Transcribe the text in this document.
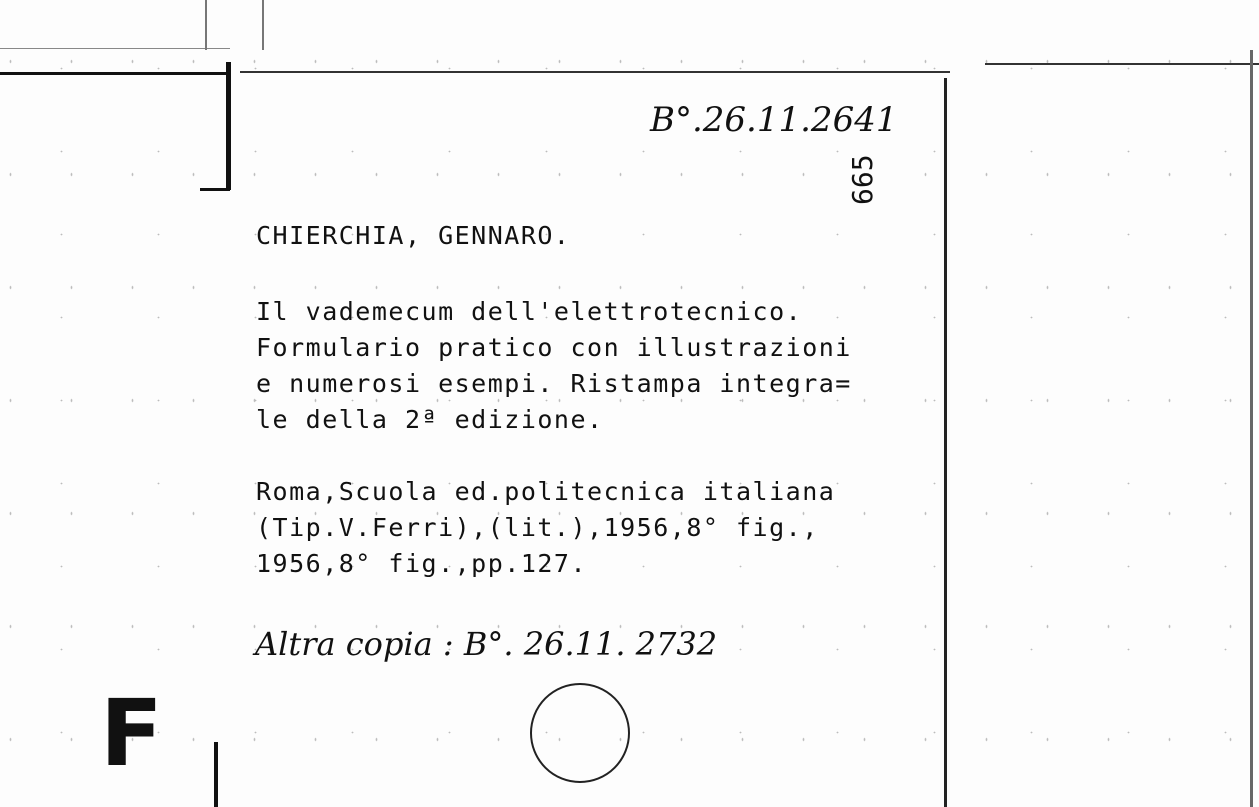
B°.26.11.2641
665
CHIERCHIA, GENNARO.
Il vademecum dell'elettrotecnico.
Formulario pratico con illustrazioni
e numerosi esempi. Ristampa integra=
le della 2ª edizione.
Roma,Scuola ed.politecnica italiana
(Tip.V.Ferri),(lit.),1956,8° fig.,
1956,8° fig.,pp.127.
Altra copia : B°. 26.11. 2732
F
